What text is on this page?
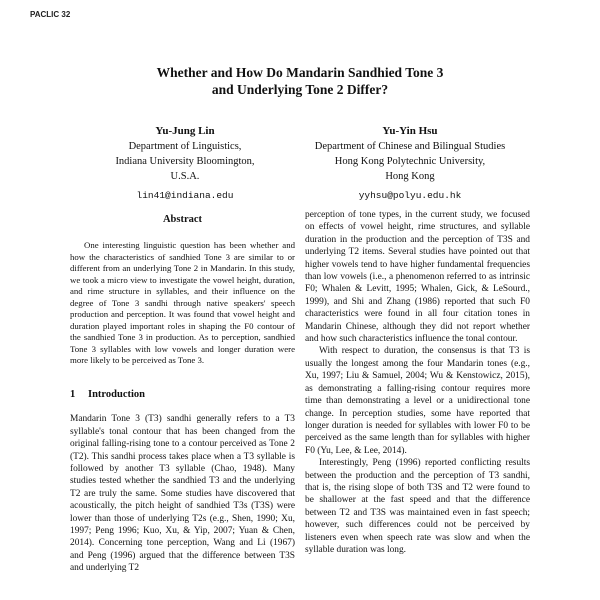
PACLIC 32
Whether and How Do Mandarin Sandhied Tone 3
and Underlying Tone 2 Differ?
Yu-Jung Lin
Department of Linguistics,
Indiana University Bloomington,
U.S.A.
lin41@indiana.edu
Yu-Yin Hsu
Department of Chinese and Bilingual Studies
Hong Kong Polytechnic University,
Hong Kong
yyhsu@polyu.edu.hk
Abstract

One interesting linguistic question has been whether and how the characteristics of sandhied Tone 3 are similar to or different from an underlying Tone 2 in Mandarin. In this study, we took a micro view to investigate the vowel height, duration, and rime structure in syllables, and their influence on the degree of Tone 3 sandhi through native speakers' speech production and perception. It was found that vowel height and duration played important roles in shaping the F0 contour of the sandhied Tone 3 in production. As to perception, sandhied Tone 3 syllables with low vowels and longer duration were more likely to be perceived as Tone 3.

1 Introduction

Mandarin Tone 3 (T3) sandhi generally refers to a T3 syllable's tonal contour that has been changed from the original falling-rising tone to a contour perceived as Tone 2 (T2). This sandhi process takes place when a T3 syllable is followed by another T3 syllable (Chao, 1948). Many studies tested whether the sandhied T3 and the underlying T2 are truly the same. Some studies have discovered that acoustically, the pitch height of sandhied T3s (T3S) were lower than those of underlying T2s (e.g., Shen, 1990; Xu, 1997; Peng 1996; Kuo, Xu, & Yip, 2007; Yuan & Chen, 2014). Concerning tone perception, Wang and Li (1967) and Peng (1996) argued that the difference between T3S and underlying T2

perception of tone types, in the current study, we focused on effects of vowel height, rime structures, and syllable duration in the production and the perception of T3S and underlying T2 items. Several studies have pointed out that higher vowels tend to have higher fundamental frequencies than low vowels (i.e., a phenomenon referred to as intrinsic F0; Whalen & Levitt, 1995; Whalen, Gick, & LeSourd., 1999), and Shi and Zhang (1986) reported that such F0 characteristics were found in all four citation tones in Mandarin Chinese, although they did not report whether and how such characteristics influence the tonal contour.

With respect to duration, the consensus is that T3 is usually the longest among the four Mandarin tones (e.g., Xu, 1997; Liu & Samuel, 2004; Wu & Kenstowicz, 2015), as demonstrating a falling-rising contour requires more time than demonstrating a level or a unidirectional tone change. In perception studies, some have reported that longer duration is needed for syllables with lower F0 to be perceived as the same length than for syllables with higher F0 (Yu, Lee, & Lee, 2014).

Interestingly, Peng (1996) reported conflicting results between the production and the perception of T3 sandhi, that is, the rising slope of both T3S and T2 were found to be shallower at the fast speed and that the difference between T2 and T3S was maintained even in fast speech; however, such differences could not be perceived by listeners even when speech rate was slow and when the syllable duration was long.
